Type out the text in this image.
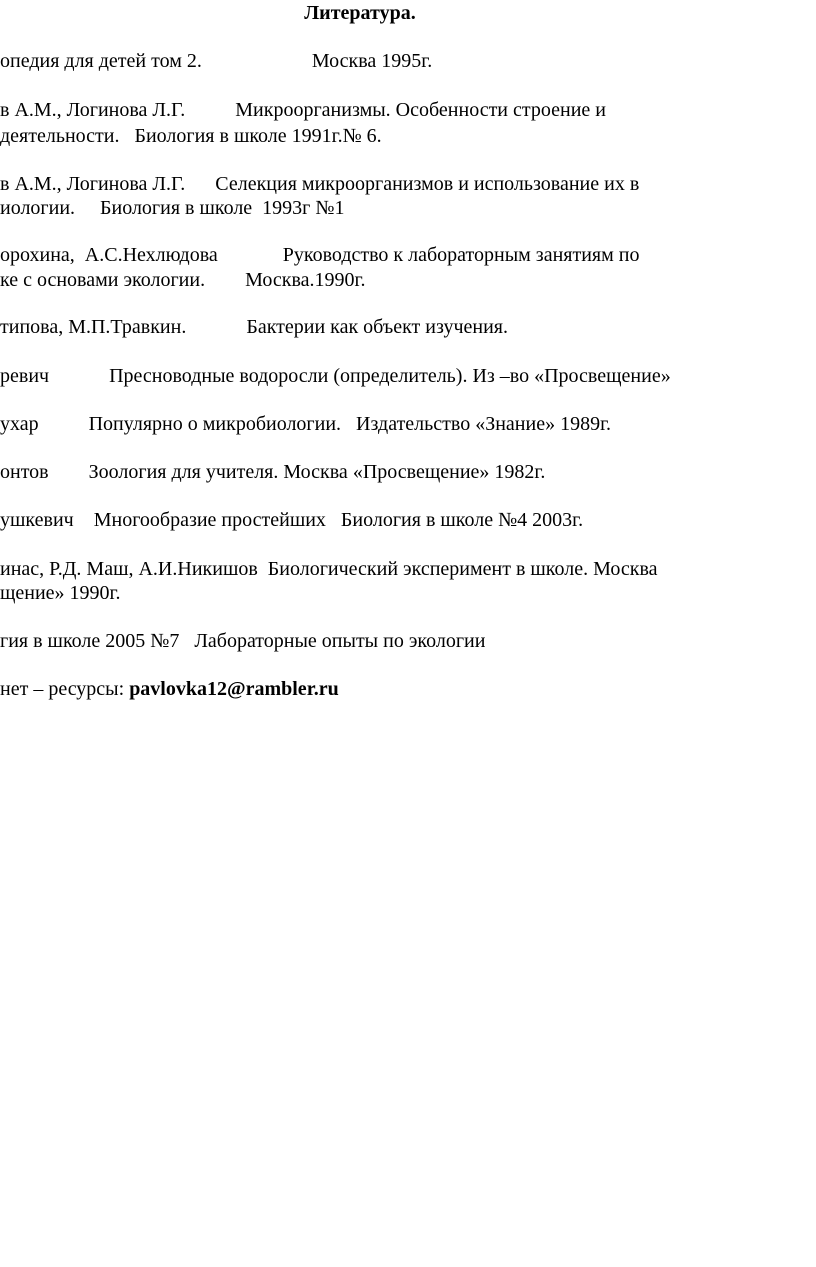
Литература.
опедия для детей том 2.                      Москва 1995г.
в А.М., Логинова Л.Г.          Микроорганизмы. Особенности строение и
деятельности.   Биология в школе 1991г.№ 6.
в А.М., Логинова Л.Г.      Селекция микроорганизмов и использование их в
иологии.     Биология в школе  1993г №1
орохина,  А.С.Нехлюдова             Руководство к лабораторным занятиям по
ке с основами экологии.        Москва.1990г.
типова, М.П.Травкин.            Бактерии как объект изучения.
ревич            Пресноводные водоросли (определитель). Из –во «Просвещение»
ухар          Популярно о микробиологии.   Издательство «Знание» 1989г.
онтов        Зоология для учителя. Москва «Просвещение» 1982г.
ушкевич    Многообразие простейших   Биология в школе №4 2003г.
инас, Р.Д. Маш, А.И.Никишов  Биологический эксперимент в школе. Москва
щение» 1990г.
гия в школе 2005 №7   Лабораторные опыты по экологии
нет – ресурсы: pavlovka12@rambler.ru
